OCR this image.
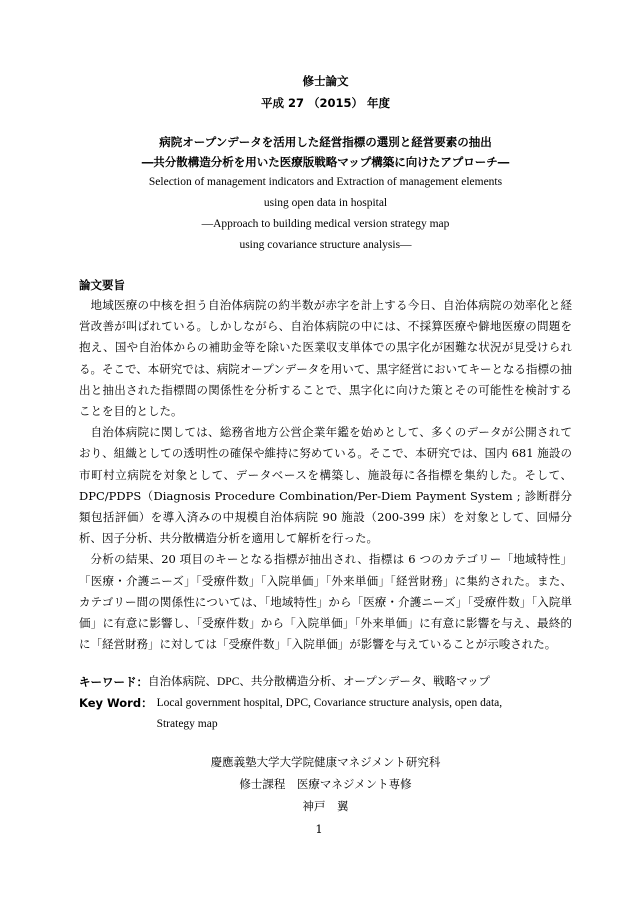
修士論文
平成 27 （2015） 年度
病院オープンデータを活用した経営指標の選別と経営要素の抽出
―共分散構造分析を用いた医療版戦略マップ構築に向けたアプローチ―
Selection of management indicators and Extraction of management elements
using open data in hospital
―Approach to building medical version strategy map
using covariance structure analysis―
論文要旨

地域医療の中核を担う自治体病院の約半数が赤字を計上する今日、自治体病院の効率化と経営改善が叫ばれている。しかしながら、自治体病院の中には、不採算医療や僻地医療の問題を抱え、国や自治体からの補助金等を除いた医業収支単体での黒字化が困難な状況が見受けられる。そこで、本研究では、病院オープンデータを用いて、黒字経営においてキーとなる指標の抽出と抽出された指標間の関係性を分析することで、黒字化に向けた策とその可能性を検討することを目的とした。

自治体病院に関しては、総務省地方公営企業年鑑を始めとして、多くのデータが公開されており、組織としての透明性の確保や維持に努めている。そこで、本研究では、国内 681 施設の市町村立病院を対象として、データベースを構築し、施設毎に各指標を集約した。そして、DPC/PDPS（Diagnosis Procedure Combination/Per-Diem Payment System ; 診断群分類包括評価）を導入済みの中規模自治体病院 90 施設（200-399 床）を対象として、回帰分析、因子分析、共分散構造分析を適用して解析を行った。

分析の結果、20 項目のキーとなる指標が抽出され、指標は 6 つのカテゴリー「地域特性」「医療・介護ニーズ」「受療件数」「入院単価」「外来単価」「経営財務」に集約された。また、カテゴリー間の関係性については、「地域特性」から「医療・介護ニーズ」「受療件数」「入院単価」に有意に影響し、「受療件数」から「入院単価」「外来単価」に有意に影響を与え、最終的に「経営財務」に対しては「受療件数」「入院単価」が影響を与えていることが示唆された。

キーワード： 自治体病院、DPC、共分散構造分析、オープンデータ、戦略マップ
Key Word： Local government hospital, DPC, Covariance structure analysis, open data,
Strategy map
慶應義塾大学大学院健康マネジメント研究科
修士課程　医療マネジメント専修
神戸　翼
1
